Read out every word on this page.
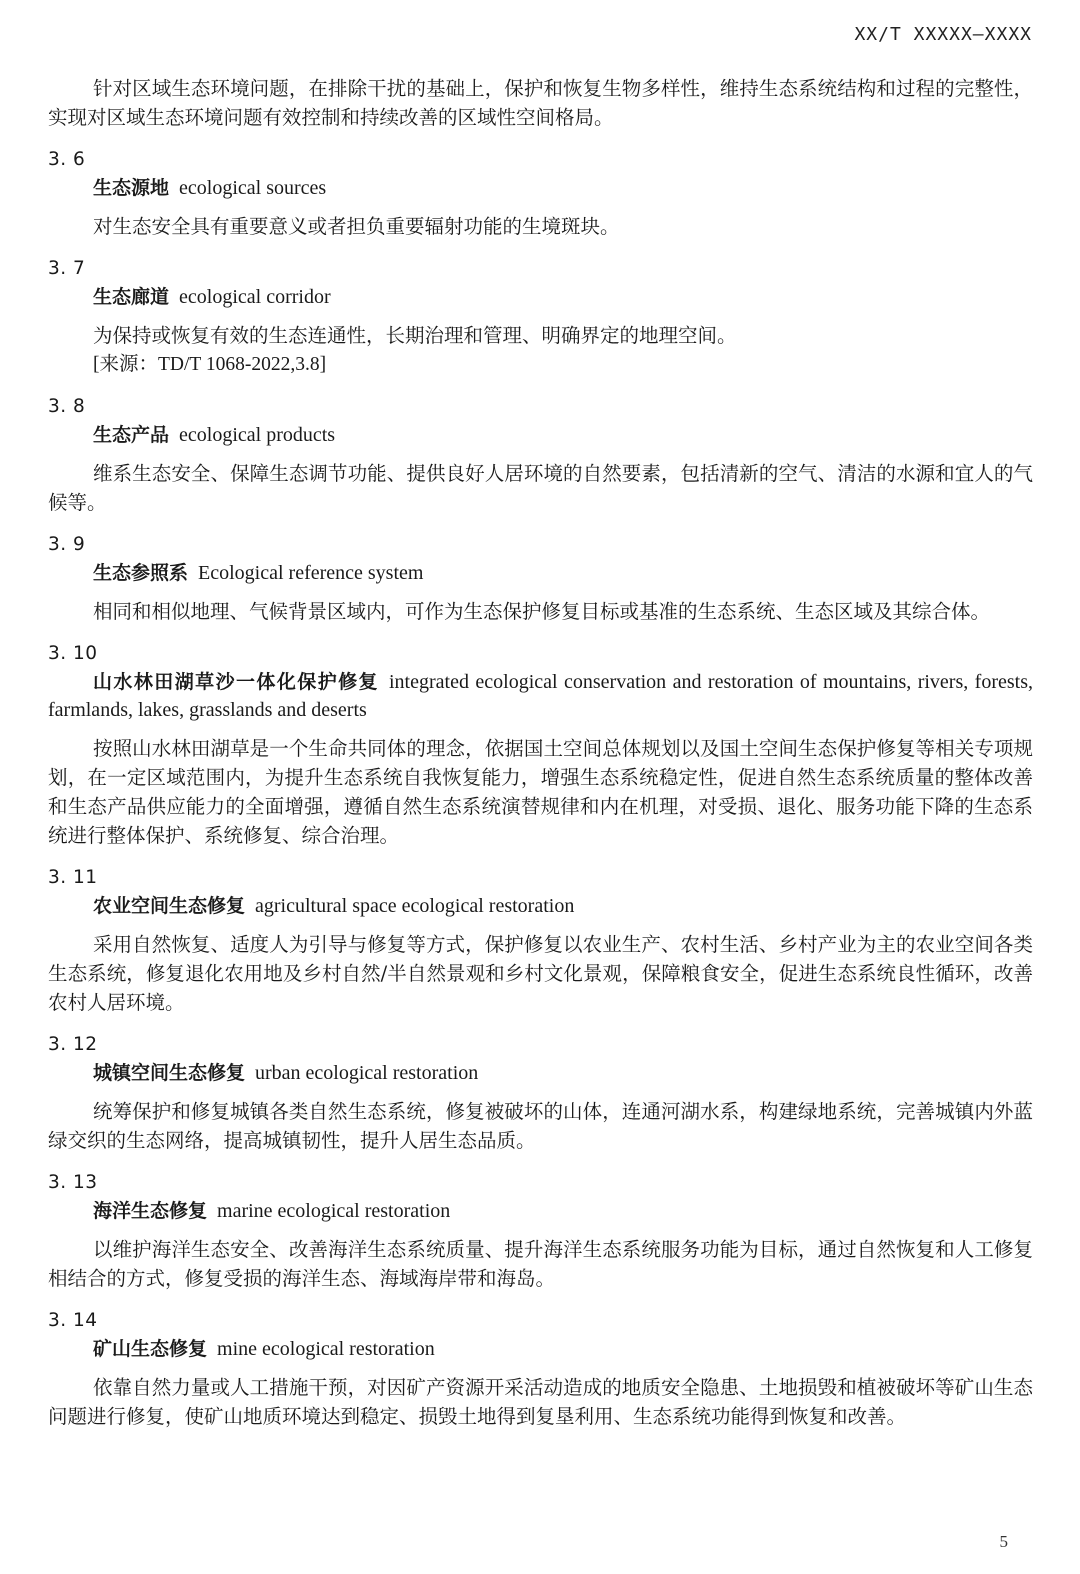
XX/T XXXXX—XXXX

针对区域生态环境问题，在排除干扰的基础上，保护和恢复生物多样性，维持生态系统结构和过程的完整性，实现对区域生态环境问题有效控制和持续改善的区域性空间格局。

3. 6

生态源地 ecological sources

对生态安全具有重要意义或者担负重要辐射功能的生境斑块。

3. 7

生态廊道 ecological corridor

为保持或恢复有效的生态连通性，长期治理和管理、明确界定的地理空间。

[来源：TD/T 1068-2022,3.8]

3. 8

生态产品 ecological products

维系生态安全、保障生态调节功能、提供良好人居环境的自然要素，包括清新的空气、清洁的水源和宜人的气候等。

3. 9

生态参照系 Ecological reference system

相同和相似地理、气候背景区域内，可作为生态保护修复目标或基准的生态系统、生态区域及其综合体。

3. 10

山水林田湖草沙一体化保护修复 integrated ecological conservation and restoration of mountains, rivers, forests, farmlands, lakes, grasslands and deserts

按照山水林田湖草是一个生命共同体的理念，依据国土空间总体规划以及国土空间生态保护修复等相关专项规划，在一定区域范围内，为提升生态系统自我恢复能力，增强生态系统稳定性，促进自然生态系统质量的整体改善和生态产品供应能力的全面增强，遵循自然生态系统演替规律和内在机理，对受损、退化、服务功能下降的生态系统进行整体保护、系统修复、综合治理。

3. 11

农业空间生态修复 agricultural space ecological restoration

采用自然恢复、适度人为引导与修复等方式，保护修复以农业生产、农村生活、乡村产业为主的农业空间各类生态系统，修复退化农用地及乡村自然/半自然景观和乡村文化景观，保障粮食安全，促进生态系统良性循环，改善农村人居环境。

3. 12

城镇空间生态修复 urban ecological restoration

统筹保护和修复城镇各类自然生态系统，修复被破坏的山体，连通河湖水系，构建绿地系统，完善城镇内外蓝绿交织的生态网络，提高城镇韧性，提升人居生态品质。

3. 13

海洋生态修复 marine ecological restoration

以维护海洋生态安全、改善海洋生态系统质量、提升海洋生态系统服务功能为目标，通过自然恢复和人工修复相结合的方式，修复受损的海洋生态、海域海岸带和海岛。

3. 14

矿山生态修复 mine ecological restoration

依靠自然力量或人工措施干预，对因矿产资源开采活动造成的地质安全隐患、土地损毁和植被破坏等矿山生态问题进行修复，使矿山地质环境达到稳定、损毁土地得到复垦利用、生态系统功能得到恢复和改善。

5
